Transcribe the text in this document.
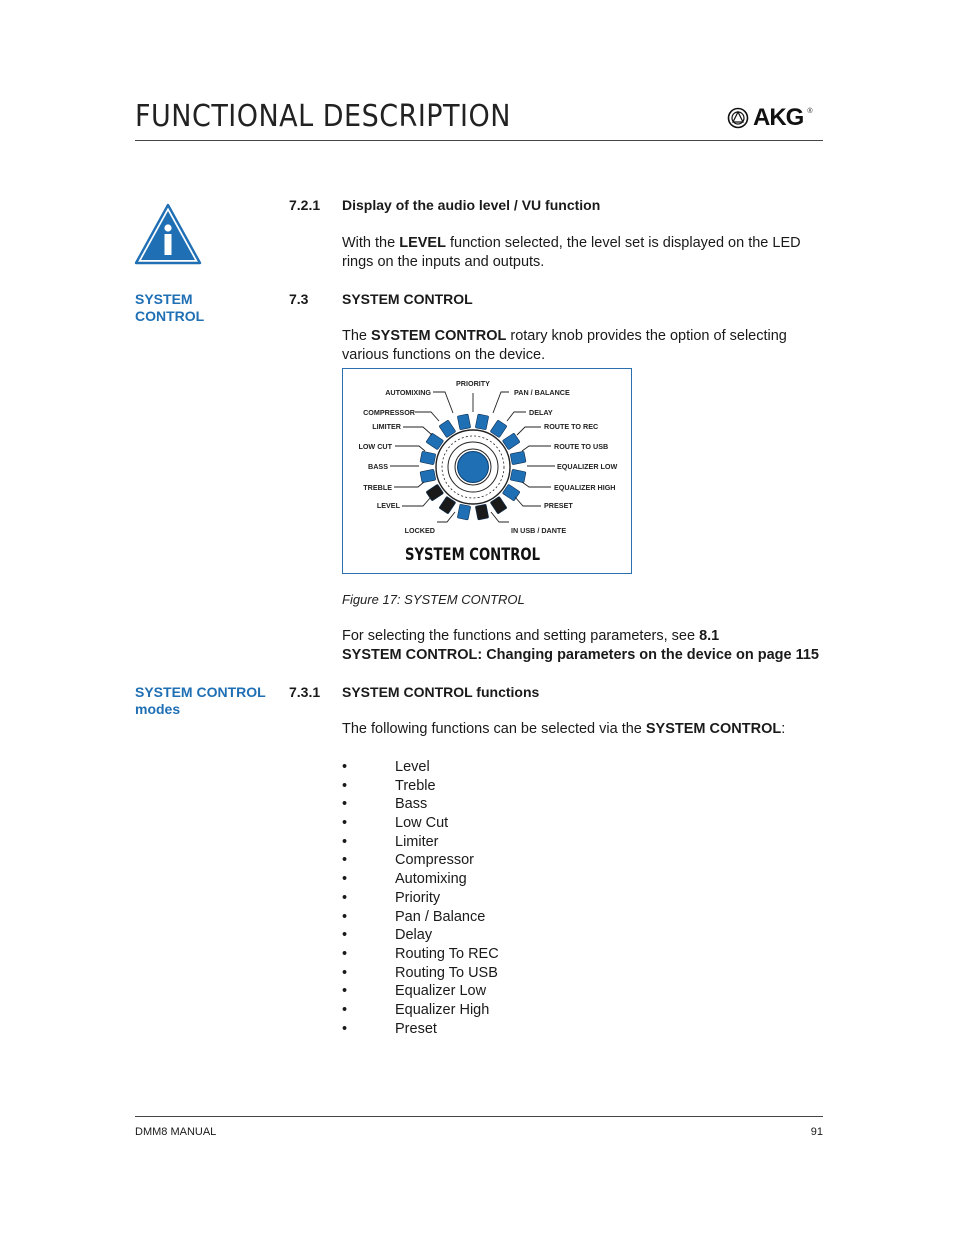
FUNCTIONAL DESCRIPTION	AKG ®
7.2.1 Display of the audio level / VU function
With the LEVEL function selected, the level set is displayed on the LED rings on the inputs and outputs.
SYSTEM
CONTROL
7.3 SYSTEM CONTROL
The SYSTEM CONTROL rotary knob provides the option of selecting various functions on the device.
PRIORITY
AUTOMIXING
COMPRESSOR
LIMITER
LOW CUT
BASS
TREBLE
LEVEL
LOCKED
PAN / BALANCE
DELAY
ROUTE TO REC
ROUTE TO USB
EQUALIZER LOW
EQUALIZER HIGH
PRESET
IN USB / DANTE
SYSTEM CONTROL
Figure 17: SYSTEM CONTROL
For selecting the functions and setting parameters, see 8.1
SYSTEM CONTROL: Changing parameters on the device on page 115
SYSTEM CONTROL
modes
7.3.1 SYSTEM CONTROL functions
The following functions can be selected via the SYSTEM CONTROL:
•	Level
•	Treble
•	Bass
•	Low Cut
•	Limiter
•	Compressor
•	Automixing
•	Priority
•	Pan / Balance
•	Delay
•	Routing To REC
•	Routing To USB
•	Equalizer Low
•	Equalizer High
•	Preset
DMM8 MANUAL	91
